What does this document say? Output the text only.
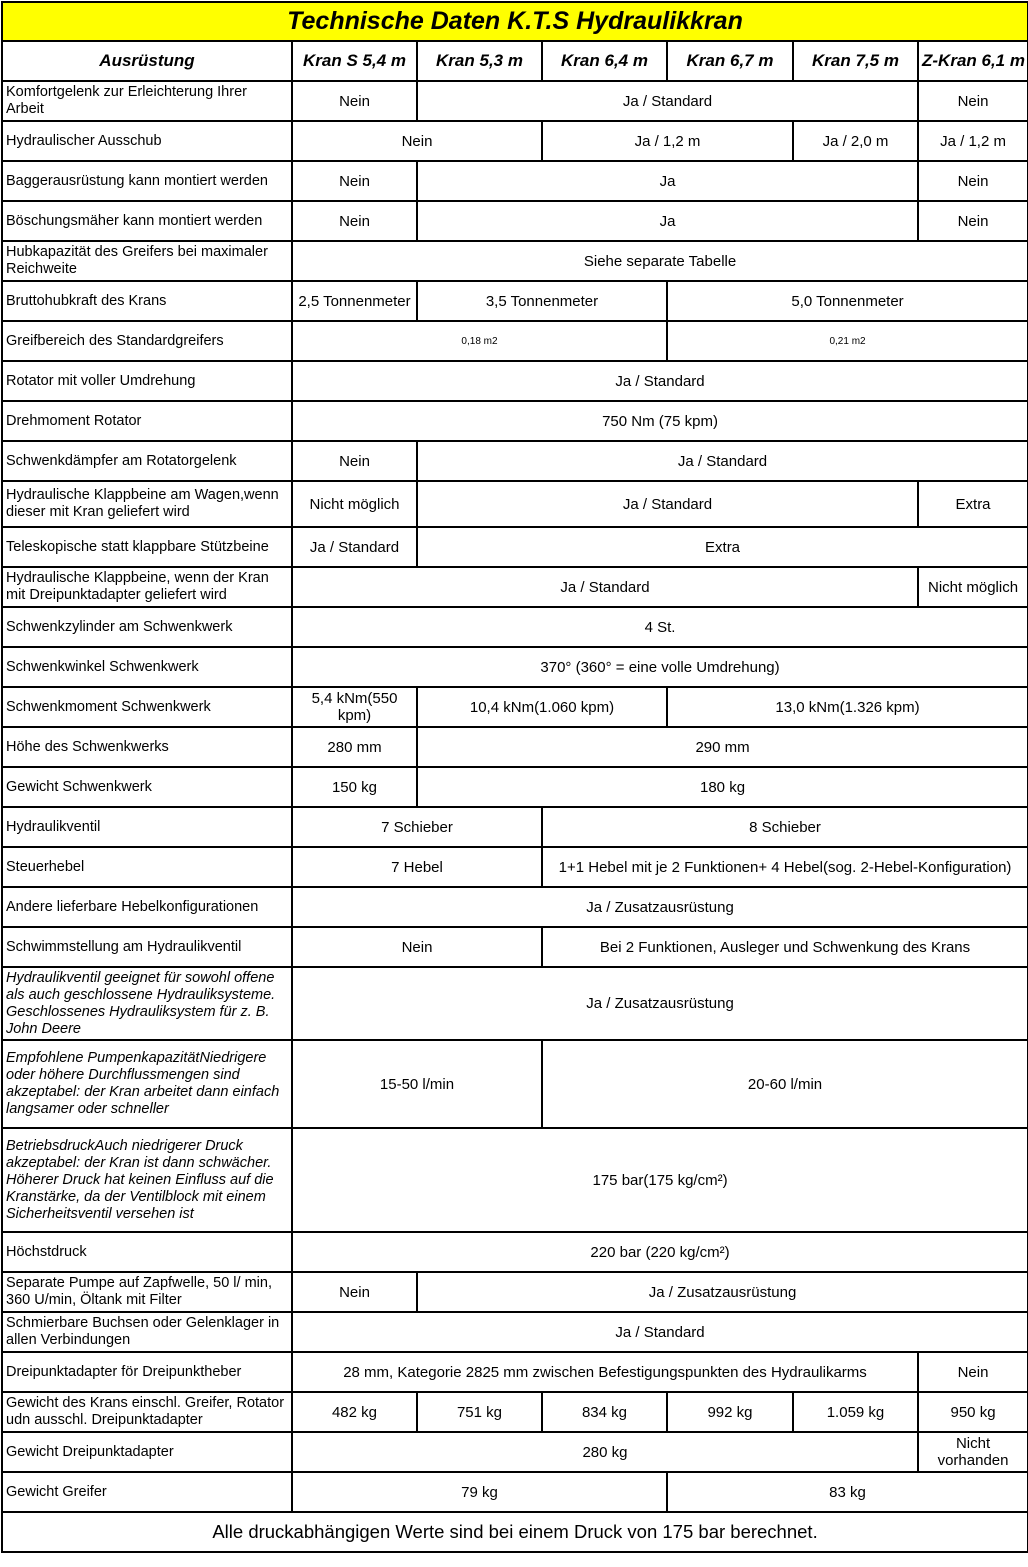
Technische Daten K.T.S Hydraulikkran						
Ausrüstung	Kran S 5,4 m	Kran 5,3 m	Kran 6,4 m	Kran 6,7 m	Kran 7,5 m	Z-Kran 6,1 m
Komfortgelenk zur Erleichterung Ihrer Arbeit	Nein	Ja / Standard				Nein
Hydraulischer Ausschub	Nein		Ja / 1,2 m		Ja / 2,0 m	Ja / 1,2 m
Baggerausrüstung kann montiert werden	Nein	Ja				Nein
Böschungsmäher kann montiert werden	Nein	Ja				Nein
Hubkapazität des Greifers bei maximaler Reichweite	Siehe separate Tabelle					
Bruttohubkraft des Krans	2,5 Tonnenmeter	3,5 Tonnenmeter		5,0 Tonnenmeter		
Greifbereich des Standardgreifers	0,18 m2			0,21 m2		
Rotator mit voller Umdrehung	Ja / Standard					
Drehmoment Rotator	750 Nm (75 kpm)					
Schwenkdämpfer am Rotatorgelenk	Nein	Ja / Standard				
Hydraulische Klappbeine am Wagen,wenn dieser mit Kran geliefert wird	Nicht möglich	Ja / Standard				Extra
Teleskopische statt klappbare Stützbeine	Ja / Standard	Extra				
Hydraulische Klappbeine, wenn der Kran mit Dreipunktadapter geliefert wird	Ja / Standard					Nicht möglich
Schwenkzylinder am Schwenkwerk	4 St.					
Schwenkwinkel Schwenkwerk	370° (360° = eine volle Umdrehung)					
Schwenkmoment Schwenkwerk	5,4 kNm(550 kpm)	10,4 kNm(1.060 kpm)		13,0 kNm(1.326 kpm)		
Höhe des Schwenkwerks	280 mm	290 mm				
Gewicht Schwenkwerk	150 kg	180 kg				
Hydraulikventil	7 Schieber		8 Schieber			
Steuerhebel	7 Hebel		1+1 Hebel mit je 2 Funktionen+ 4 Hebel(sog. 2-Hebel-Konfiguration)			
Andere lieferbare Hebelkonfigurationen	Ja / Zusatzausrüstung					
Schwimmstellung am Hydraulikventil	Nein		Bei 2 Funktionen, Ausleger und Schwenkung des Krans			
Hydraulikventil geeignet für sowohl offene als auch geschlossene Hydrauliksysteme. Geschlossenes Hydrauliksystem für z. B. John Deere	Ja / Zusatzausrüstung					
Empfohlene PumpenkapazitätNiedrigere oder höhere Durchflussmengen sind akzeptabel: der Kran arbeitet dann einfach langsamer oder schneller	15-50 l/min		20-60 l/min			
BetriebsdruckAuch niedrigerer Druck akzeptabel: der Kran ist dann schwächer. Höherer Druck hat keinen Einfluss auf die Kranstärke, da der Ventilblock mit einem Sicherheitsventil versehen ist	175 bar(175 kg/cm²)					
Höchstdruck	220 bar (220 kg/cm²)					
Separate Pumpe auf Zapfwelle, 50 l/ min, 360 U/min, Öltank mit Filter	Nein	Ja / Zusatzausrüstung				
Schmierbare Buchsen oder Gelenklager in allen Verbindungen	Ja / Standard					
Dreipunktadapter för Dreipunktheber	28 mm, Kategorie 2825 mm zwischen Befestigungspunkten des Hydraulikarms					Nein
Gewicht des Krans einschl. Greifer, Rotator udn ausschl. Dreipunktadapter	482 kg	751 kg	834 kg	992 kg	1.059 kg	950 kg
Gewicht Dreipunktadapter	280 kg					Nicht vorhanden
Gewicht Greifer	79 kg			83 kg		
Alle druckabhängigen Werte sind bei einem Druck von 175 bar berechnet.						
